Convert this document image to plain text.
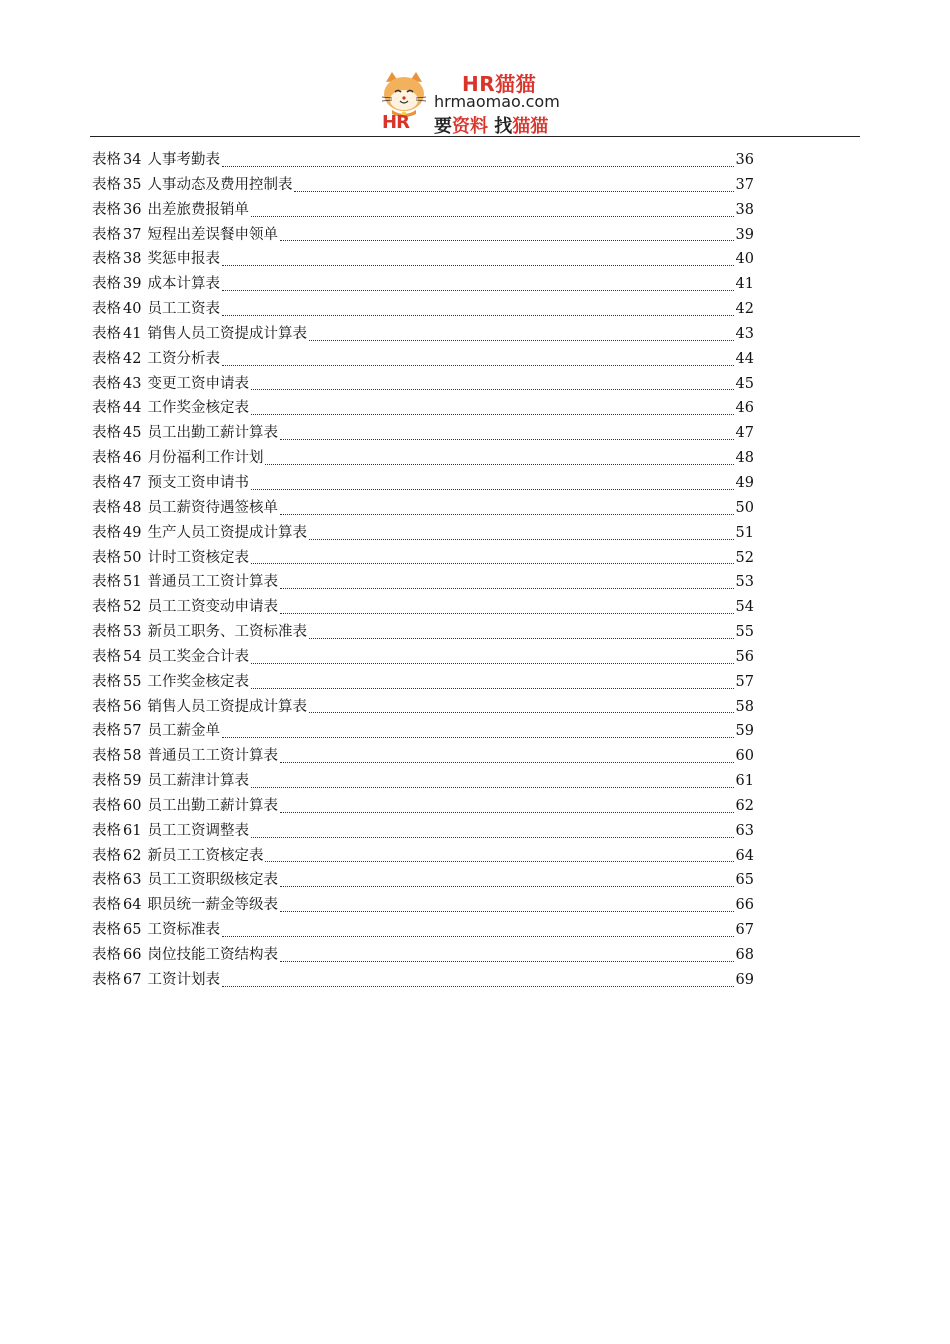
HR猫猫
hrmaomao.com
HR 要资料 找猫猫
表格 34 人事考勤表	36
表格 35 人事动态及费用控制表	37
表格 36 出差旅费报销单	38
表格 37 短程出差误餐申领单	39
表格 38 奖惩申报表	40
表格 39 成本计算表	41
表格 40 员工工资表	42
表格 41 销售人员工资提成计算表	43
表格 42 工资分析表	44
表格 43 变更工资申请表	45
表格 44 工作奖金核定表	46
表格 45 员工出勤工薪计算表	47
表格 46 月份福利工作计划	48
表格 47 预支工资申请书	49
表格 48 员工薪资待遇签核单	50
表格 49 生产人员工资提成计算表	51
表格 50 计时工资核定表	52
表格 51 普通员工工资计算表	53
表格 52 员工工资变动申请表	54
表格 53 新员工职务、工资标准表	55
表格 54 员工奖金合计表	56
表格 55 工作奖金核定表	57
表格 56 销售人员工资提成计算表	58
表格 57 员工薪金单	59
表格 58 普通员工工资计算表	60
表格 59 员工薪津计算表	61
表格 60 员工出勤工薪计算表	62
表格 61 员工工资调整表	63
表格 62 新员工工资核定表	64
表格 63 员工工资职级核定表	65
表格 64 职员统一薪金等级表	66
表格 65 工资标准表	67
表格 66 岗位技能工资结构表	68
表格 67 工资计划表	69
